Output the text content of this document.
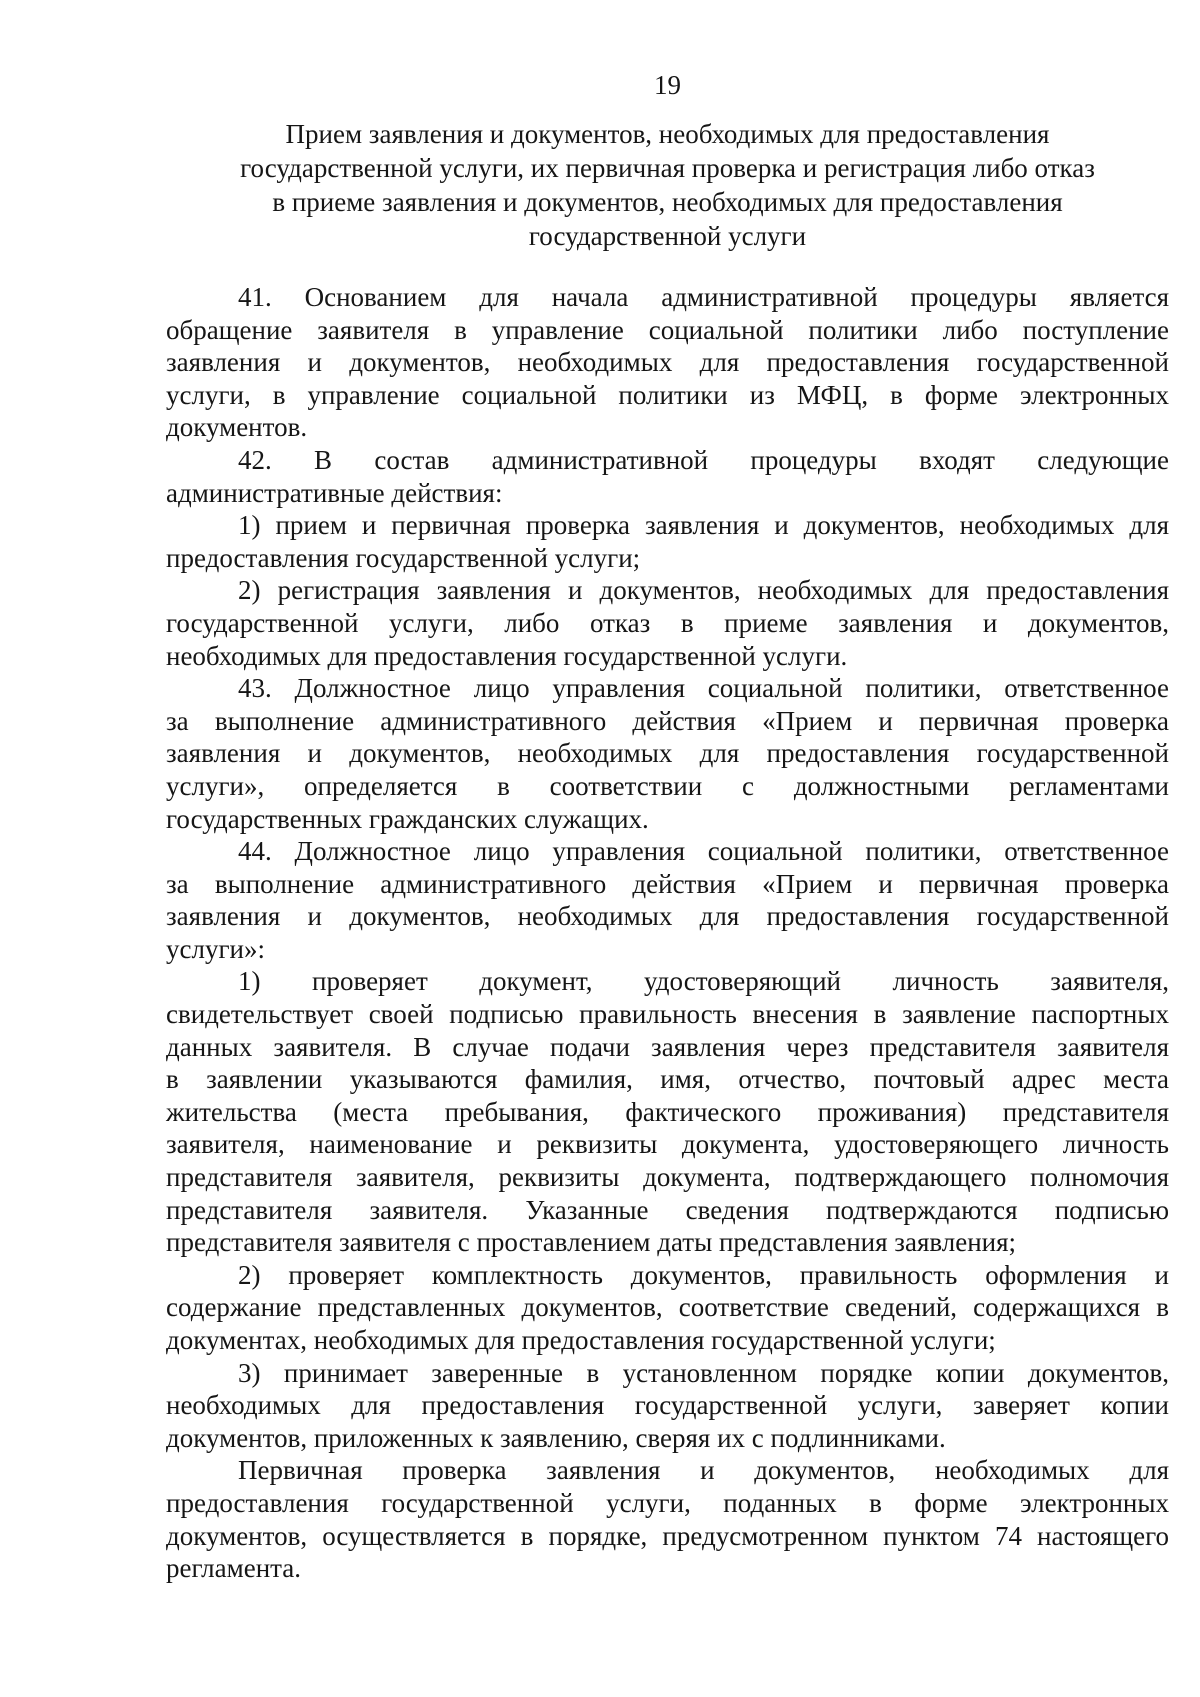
19
Прием заявления и документов, необходимых для предоставления
государственной услуги, их первичная проверка и регистрация либо отказ
в приеме заявления и документов, необходимых для предоставления
государственной услуги
41. Основанием для начала административной процедуры является
обращение заявителя в управление социальной политики либо поступление
заявления и документов, необходимых для предоставления государственной
услуги, в управление социальной политики из МФЦ, в форме электронных
документов.
42. В состав административной процедуры входят следующие
административные действия:
1) прием и первичная проверка заявления и документов, необходимых для
предоставления государственной услуги;
2) регистрация заявления и документов, необходимых для предоставления
государственной услуги, либо отказ в приеме заявления и документов,
необходимых для предоставления государственной услуги.
43. Должностное лицо управления социальной политики, ответственное
за выполнение административного действия «Прием и первичная проверка
заявления и документов, необходимых для предоставления государственной
услуги», определяется в соответствии с должностными регламентами
государственных гражданских служащих.
44. Должностное лицо управления социальной политики, ответственное
за выполнение административного действия «Прием и первичная проверка
заявления и документов, необходимых для предоставления государственной
услуги»:
1) проверяет документ, удостоверяющий личность заявителя,
свидетельствует своей подписью правильность внесения в заявление паспортных
данных заявителя. В случае подачи заявления через представителя заявителя
в заявлении указываются фамилия, имя, отчество, почтовый адрес места
жительства (места пребывания, фактического проживания) представителя
заявителя, наименование и реквизиты документа, удостоверяющего личность
представителя заявителя, реквизиты документа, подтверждающего полномочия
представителя заявителя. Указанные сведения подтверждаются подписью
представителя заявителя с проставлением даты представления заявления;
2) проверяет комплектность документов, правильность оформления и
содержание представленных документов, соответствие сведений, содержащихся в
документах, необходимых для предоставления государственной услуги;
3) принимает заверенные в установленном порядке копии документов,
необходимых для предоставления государственной услуги, заверяет копии
документов, приложенных к заявлению, сверяя их с подлинниками.
Первичная проверка заявления и документов, необходимых для
предоставления государственной услуги, поданных в форме электронных
документов, осуществляется в порядке, предусмотренном пунктом 74 настоящего
регламента.
